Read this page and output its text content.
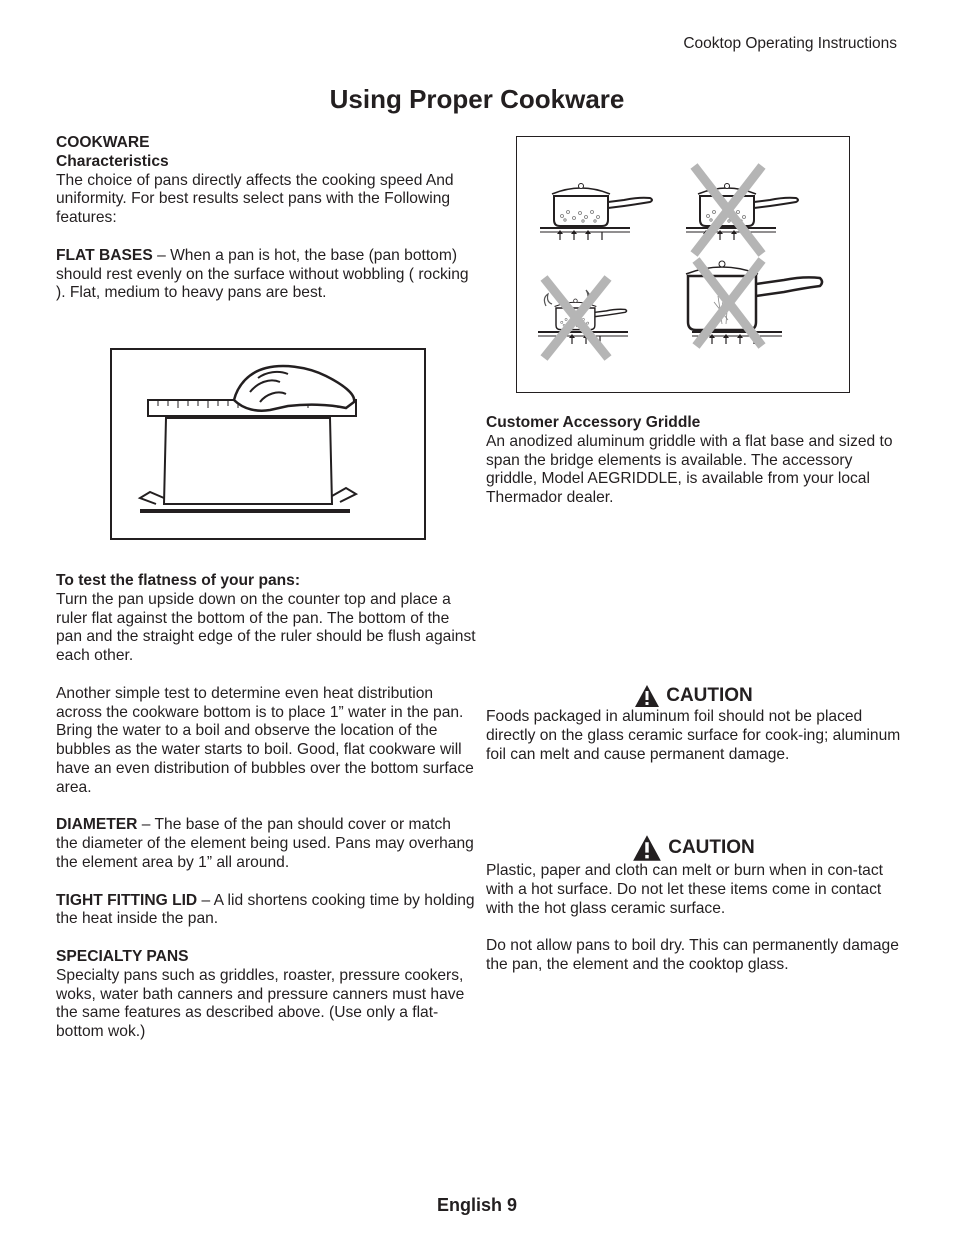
Cooktop Operating Instructions
Using Proper Cookware

COOKWARE

Characteristics

The choice of pans directly affects the cooking speed And uniformity. For best results select pans with the Following features:

FLAT BASES – When a pan is hot, the base (pan bottom) should rest evenly on the surface without wobbling ( rocking ). Flat, medium to heavy pans are best.

To test the flatness of your pans:

Turn the pan upside down on the counter top and place a ruler flat against the bottom of the pan. The bottom of the pan and the straight edge of the ruler should be flush against each other.

Another simple test to determine even heat distribution across the cookware bottom is to place 1” water in the pan. Bring the water to a boil and observe the location of the bubbles as the water starts to boil. Good, flat cookware will have an even distribution of bubbles over the bottom surface area.

DIAMETER – The base of the pan should cover or match the diameter of the element being used. Pans may overhang the element area by 1” all around.

TIGHT FITTING LID – A lid shortens cooking time by holding the heat inside the pan.

SPECIALTY PANS

Specialty pans such as griddles, roaster, pressure cookers, woks, water bath canners and pressure canners must have the same features as described above. (Use only a flat-bottom wok.)

Customer Accessory Griddle

An anodized aluminum griddle with a flat base and sized to span the bridge elements is available. The accessory griddle, Model AEGRIDDLE, is available from your local Thermador dealer.

CAUTION

Foods packaged in aluminum foil should not be placed directly on the glass ceramic surface for cook-ing; aluminum foil can melt and cause permanent damage.

CAUTION

Plastic, paper and cloth can melt or burn when in con-tact with a hot surface. Do not let these items come in contact with the hot glass ceramic surface.

Do not allow pans to boil dry. This can permanently damage the pan, the element and the cooktop glass.

English 9
